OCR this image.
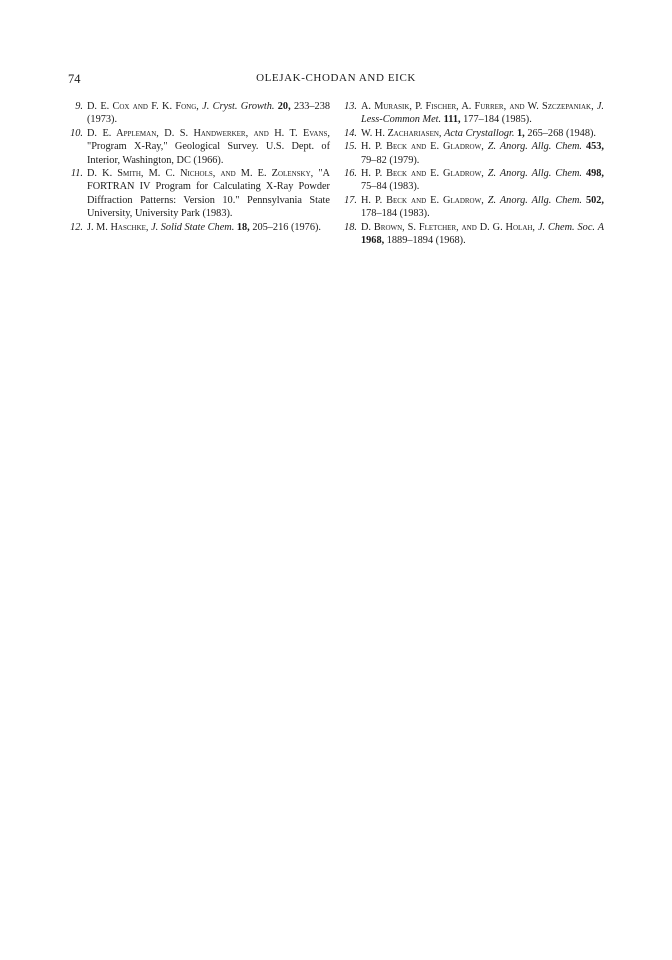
74	OLEJAK-CHODAN AND EICK

9. D. E. Cox and F. K. Fong, J. Cryst. Growth. 20, 233–238 (1973).

10. D. E. Appleman, D. S. Handwerker, and H. T. Evans, "Program X-Ray," Geological Survey. U.S. Dept. of Interior, Washington, DC (1966).

11. D. K. Smith, M. C. Nichols, and M. E. Zolensky, "A FORTRAN IV Program for Calculating X-Ray Powder Diffraction Patterns: Version 10." Pennsylvania State University, University Park (1983).

12. J. M. Haschke, J. Solid State Chem. 18, 205–216 (1976).

13. A. Murasik, P. Fischer, A. Furrer, and W. Szczepaniak, J. Less-Common Met. 111, 177–184 (1985).

14. W. H. Zachariasen, Acta Crystallogr. 1, 265–268 (1948).

15. H. P. Beck and E. Gladrow, Z. Anorg. Allg. Chem. 453, 79–82 (1979).

16. H. P. Beck and E. Gladrow, Z. Anorg. Allg. Chem. 498, 75–84 (1983).

17. H. P. Beck and E. Gladrow, Z. Anorg. Allg. Chem. 502, 178–184 (1983).

18. D. Brown, S. Fletcher, and D. G. Holah, J. Chem. Soc. A 1968, 1889–1894 (1968).
